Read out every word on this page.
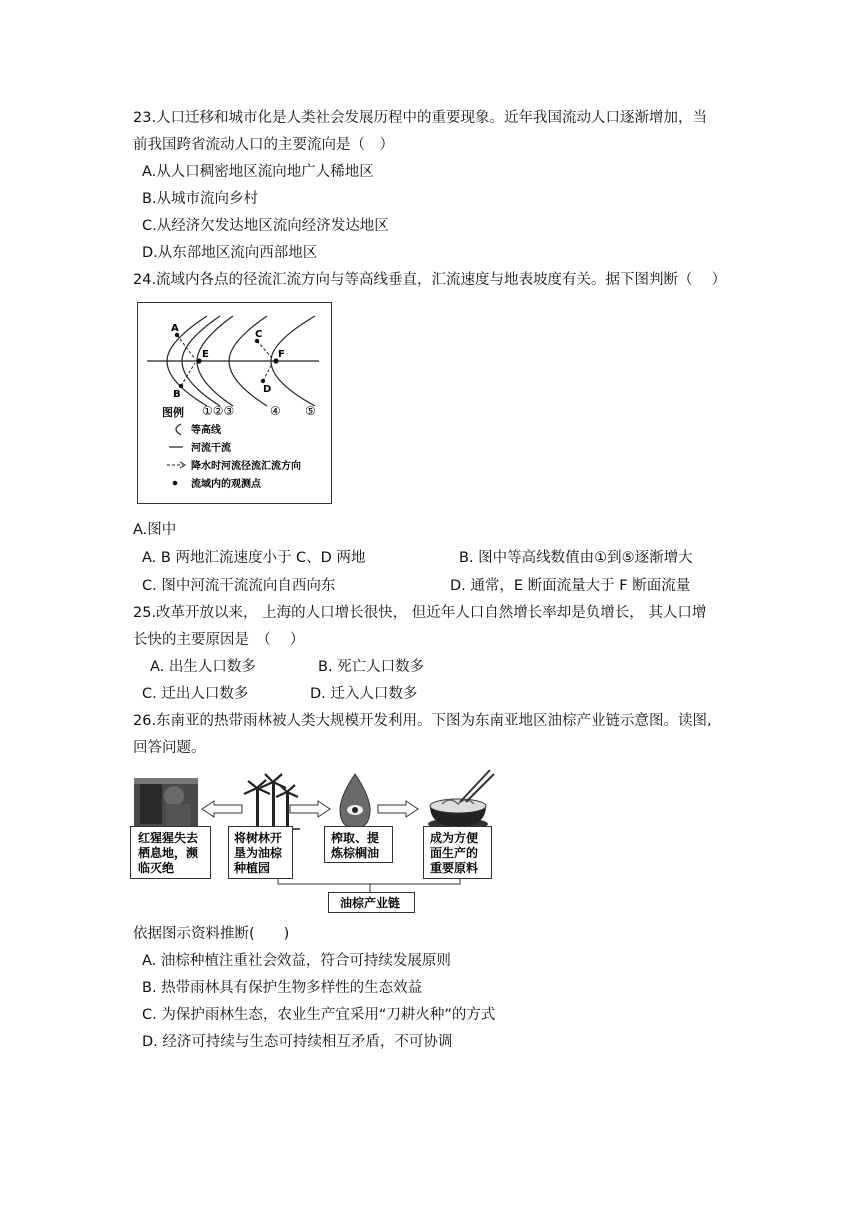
23.人口迁移和城市化是人类社会发展历程中的重要现象。近年我国流动人口逐渐增加，当
前我国跨省流动人口的主要流向是（　）
A.从人口稠密地区流向地广人稀地区
B.从城市流向乡村
C.从经济欠发达地区流向经济发达地区
D.从东部地区流向西部地区
24.流域内各点的径流汇流方向与等高线垂直，汇流速度与地表坡度有关。据下图判断（　 ）
A
B
C
D
E	F
图例 ①②③	④ ⑤
等高线
河流干流
降水时河流径流汇流方向
流域内的观测点
A.图中
A. B 两地汇流速度小于 C、D 两地	B. 图中等高线数值由①到⑤逐渐增大
C. 图中河流干流流向自西向东	D. 通常，E 断面流量大于 F 断面流量
25.改革开放以来， 上海的人口增长很快， 但近年人口自然增长率却是负增长， 其人口增
长快的主要原因是　（　 ）
A. 出生人口数多	B. 死亡人口数多
C. 迁出人口数多	D. 迁入人口数多
26.东南亚的热带雨林被人类大规模开发利用。下图为东南亚地区油棕产业链示意图。读图,
回答问题。
红猩猩失去
栖息地，濒
临灭绝
将树林开
垦为油棕
种植园
榨取、提
炼棕榈油
成为方便
面生产的
重要原料
油棕产业链
依据图示资料推断(　　)
A. 油棕种植注重社会效益，符合可持续发展原则
B. 热带雨林具有保护生物多样性的生态效益
C. 为保护雨林生态，农业生产宜采用“刀耕火种”的方式
D. 经济可持续与生态可持续相互矛盾，不可协调
